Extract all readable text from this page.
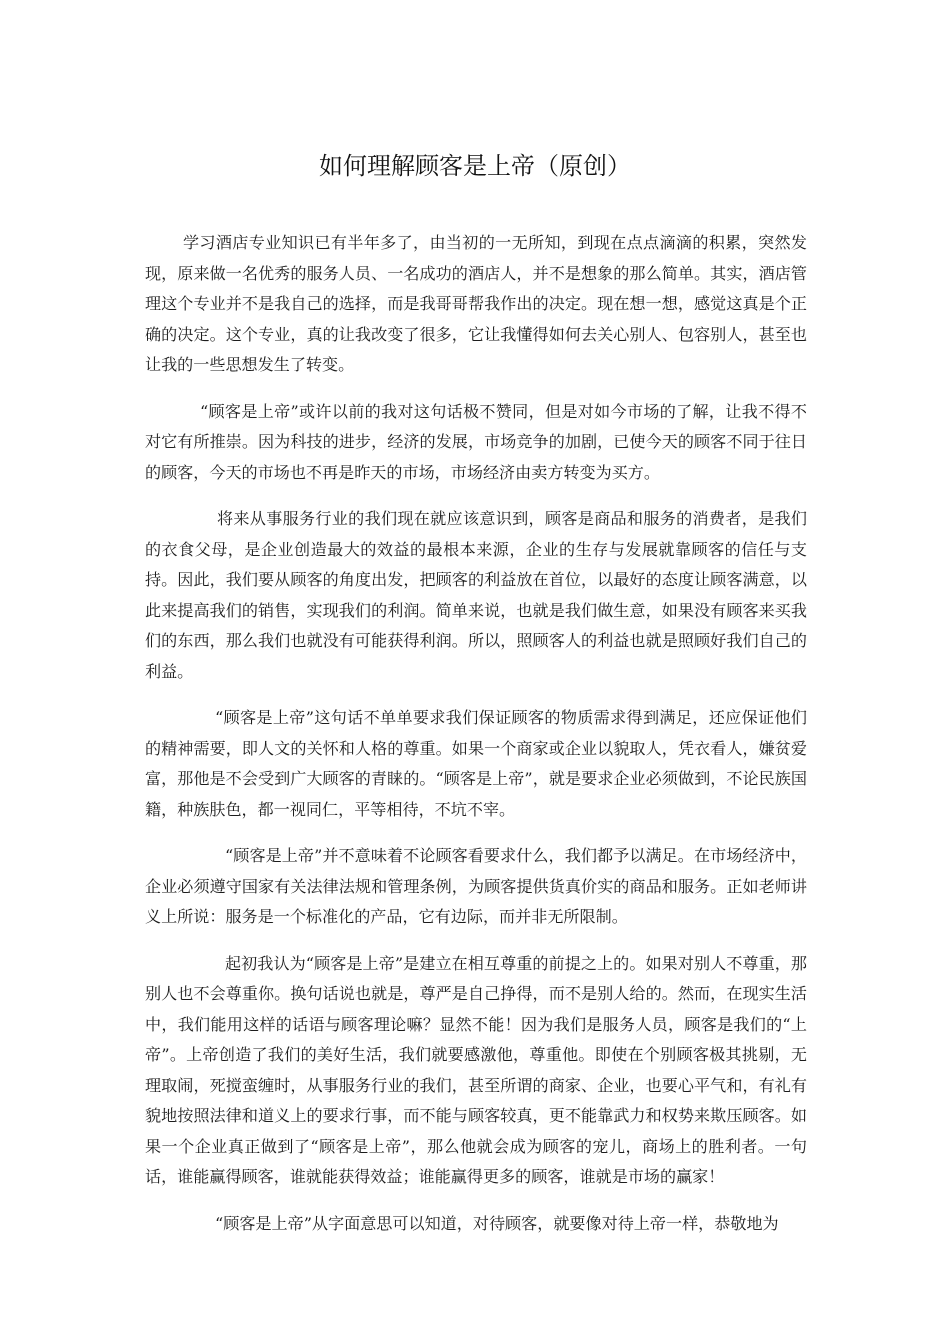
如何理解顾客是上帝（原创）

学习酒店专业知识已有半年多了，由当初的一无所知，到现在点点滴滴的积累，突然发现，原来做一名优秀的服务人员、一名成功的酒店人，并不是想象的那么简单。其实，酒店管理这个专业并不是我自己的选择，而是我哥哥帮我作出的决定。现在想一想，感觉这真是个正确的决定。这个专业，真的让我改变了很多，它让我懂得如何去关心别人、包容别人，甚至也让我的一些思想发生了转变。

“顾客是上帝”或许以前的我对这句话极不赞同，但是对如今市场的了解，让我不得不对它有所推崇。因为科技的进步，经济的发展，市场竞争的加剧，已使今天的顾客不同于往日的顾客，今天的市场也不再是昨天的市场，市场经济由卖方转变为买方。

将来从事服务行业的我们现在就应该意识到，顾客是商品和服务的消费者，是我们的衣食父母，是企业创造最大的效益的最根本来源，企业的生存与发展就靠顾客的信任与支持。因此，我们要从顾客的角度出发，把顾客的利益放在首位，以最好的态度让顾客满意，以此来提高我们的销售，实现我们的利润。简单来说，也就是我们做生意，如果没有顾客来买我们的东西，那么我们也就没有可能获得利润。所以，照顾客人的利益也就是照顾好我们自己的利益。

“顾客是上帝”这句话不单单要求我们保证顾客的物质需求得到满足，还应保证他们的精神需要，即人文的关怀和人格的尊重。如果一个商家或企业以貌取人，凭衣看人，嫌贫爱富，那他是不会受到广大顾客的青睐的。“顾客是上帝”，就是要求企业必须做到，不论民族国籍，种族肤色，都一视同仁，平等相待，不坑不宰。

“顾客是上帝”并不意味着不论顾客看要求什么，我们都予以满足。在市场经济中，企业必须遵守国家有关法律法规和管理条例，为顾客提供货真价实的商品和服务。正如老师讲义上所说：服务是一个标准化的产品，它有边际，而并非无所限制。

起初我认为“顾客是上帝”是建立在相互尊重的前提之上的。如果对别人不尊重，那别人也不会尊重你。换句话说也就是，尊严是自己挣得，而不是别人给的。然而，在现实生活中，我们能用这样的话语与顾客理论嘛？显然不能！因为我们是服务人员，顾客是我们的“上帝”。上帝创造了我们的美好生活，我们就要感激他，尊重他。即使在个别顾客极其挑剔，无理取闹，死搅蛮缠时，从事服务行业的我们，甚至所谓的商家、企业，也要心平气和，有礼有貌地按照法律和道义上的要求行事，而不能与顾客较真，更不能靠武力和权势来欺压顾客。如果一个企业真正做到了“顾客是上帝”，那么他就会成为顾客的宠儿，商场上的胜利者。一句话，谁能赢得顾客，谁就能获得效益；谁能赢得更多的顾客，谁就是市场的赢家！

“顾客是上帝”从字面意思可以知道，对待顾客，就要像对待上帝一样，恭敬地为
